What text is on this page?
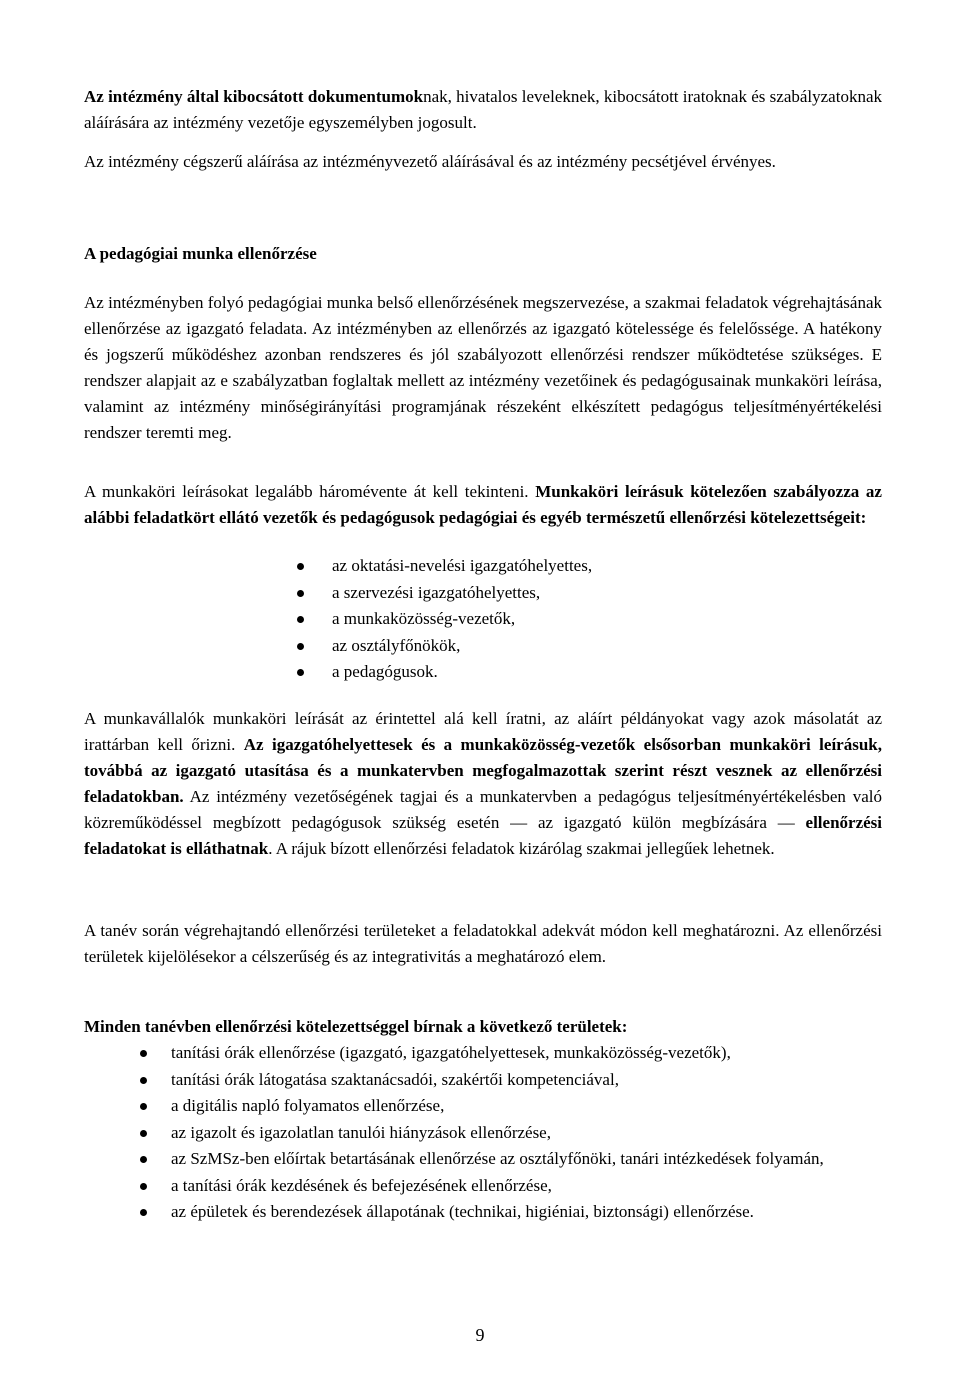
Az intézmény által kibocsátott dokumentumoknak, hivatalos leveleknek, kibocsátott iratoknak és szabályzatoknak aláírására az intézmény vezetője egyszemélyben jogosult.

Az intézmény cégszerű aláírása az intézményvezető aláírásával és az intézmény pecsétjével érvényes.

A pedagógiai munka ellenőrzése

Az intézményben folyó pedagógiai munka belső ellenőrzésének megszervezése, a szakmai feladatok végrehajtásának ellenőrzése az igazgató feladata. Az intézményben az ellenőrzés az igazgató kötelessége és felelőssége. A hatékony és jogszerű működéshez azonban rendszeres és jól szabályozott ellenőrzési rendszer működtetése szükséges. E rendszer alapjait az e szabályzatban foglaltak mellett az intézmény vezetőinek és pedagógusainak munkaköri leírása, valamint az intézmény minőségirányítási programjának részeként elkészített pedagógus teljesítményértékelési rendszer teremti meg.

A munkaköri leírásokat legalább háromévente át kell tekinteni. Munkaköri leírásuk kötelezően szabályozza az alábbi feladatkört ellátó vezetők és pedagógusok pedagógiai és egyéb természetű ellenőrzési kötelezettségeit:

az oktatási-nevelési igazgatóhelyettes,
a szervezési igazgatóhelyettes,
a munkaközösség-vezetők,
az osztályfőnökök,
a pedagógusok.

A munkavállalók munkaköri leírását az érintettel alá kell íratni, az aláírt példányokat vagy azok másolatát az irattárban kell őrizni. Az igazgatóhelyettesek és a munkaközösség-vezetők elsősorban munkaköri leírásuk, továbbá az igazgató utasítása és a munkatervben megfogalmazottak szerint részt vesznek az ellenőrzési feladatokban. Az intézmény vezetőségének tagjai és a munkatervben a pedagógus teljesítményértékelésben való közreműködéssel megbízott pedagógusok szükség esetén — az igazgató külön megbízására — ellenőrzési feladatokat is elláthatnak. A rájuk bízott ellenőrzési feladatok kizárólag szakmai jellegűek lehetnek.

A tanév során végrehajtandó ellenőrzési területeket a feladatokkal adekvát módon kell meghatározni. Az ellenőrzési területek kijelölésekor a célszerűség és az integrativitás a meghatározó elem.

Minden tanévben ellenőrzési kötelezettséggel bírnak a következő területek:

tanítási órák ellenőrzése (igazgató, igazgatóhelyettesek, munkaközösség-vezetők),
tanítási órák látogatása szaktanácsadói, szakértői kompetenciával,
a digitális napló folyamatos ellenőrzése,
az igazolt és igazolatlan tanulói hiányzások ellenőrzése,
az SzMSz-ben előírtak betartásának ellenőrzése az osztályfőnöki, tanári intézkedések folyamán,
a tanítási órák kezdésének és befejezésének ellenőrzése,
az épületek és berendezések állapotának (technikai, higiéniai, biztonsági) ellenőrzése.
9
